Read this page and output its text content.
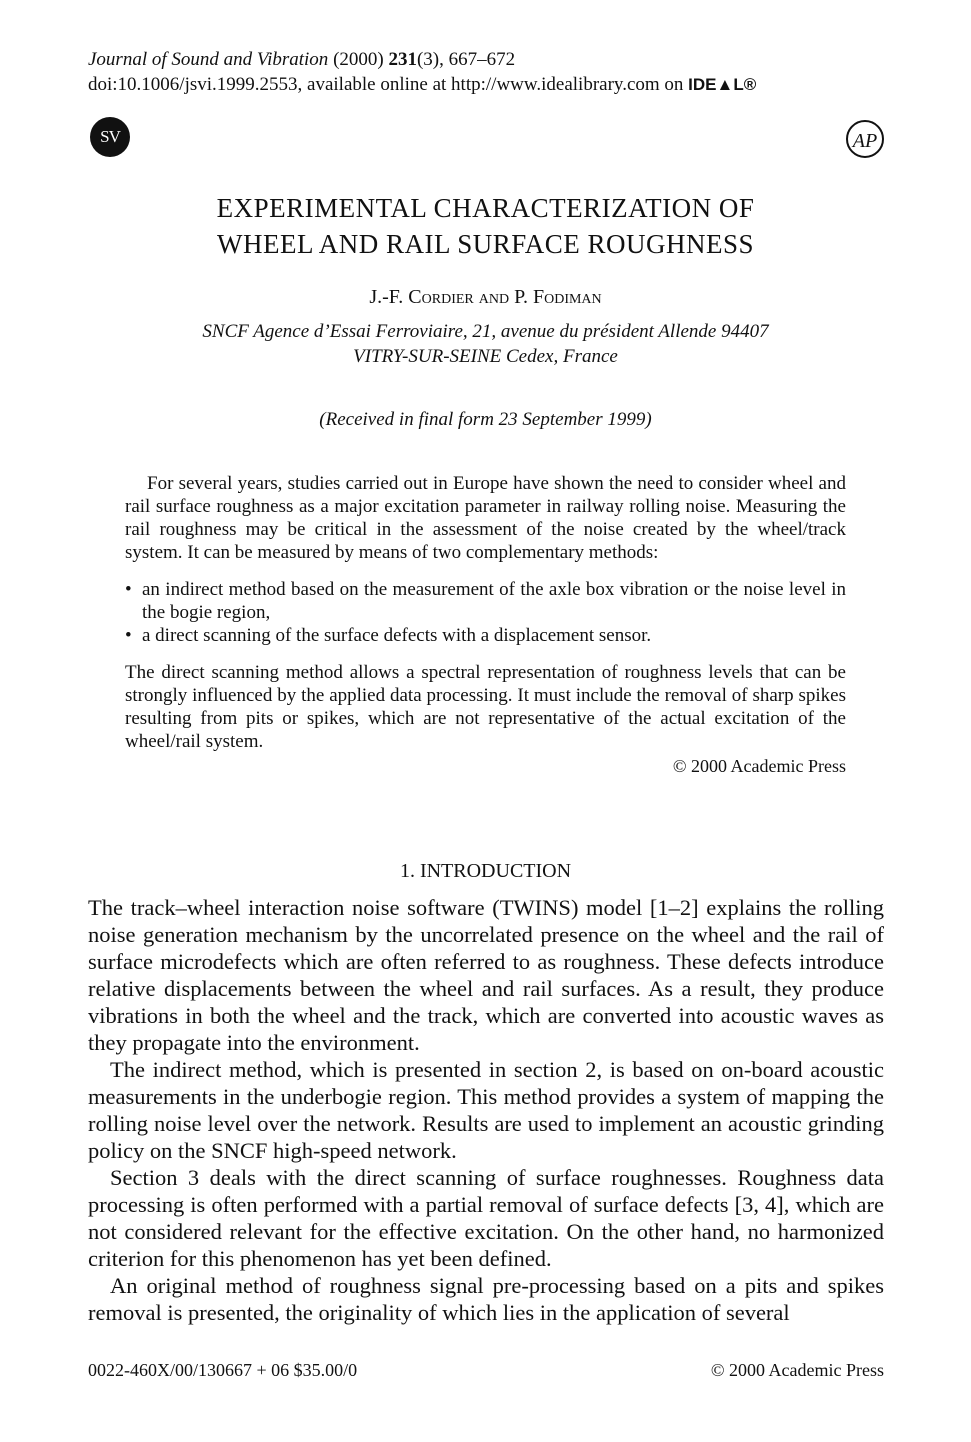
Journal of Sound and Vibration (2000) 231(3), 667–672
doi:10.1006/jsvi.1999.2553, available online at http://www.idealibrary.com on IDE▲L®
SV	AP
EXPERIMENTAL CHARACTERIZATION OF
WHEEL AND RAIL SURFACE ROUGHNESS
J.-F. Cordier and P. Fodiman
SNCF Agence d’Essai Ferroviaire, 21, avenue du président Allende 94407
VITRY-SUR-SEINE Cedex, France
(Received in final form 23 September 1999)

For several years, studies carried out in Europe have shown the need to consider wheel and rail surface roughness as a major excitation parameter in railway rolling noise. Measuring the rail roughness may be critical in the assessment of the noise created by the wheel/track system. It can be measured by means of two complementary methods:

• an indirect method based on the measurement of the axle box vibration or the noise level in the bogie region,
• a direct scanning of the surface defects with a displacement sensor.

The direct scanning method allows a spectral representation of roughness levels that can be strongly influenced by the applied data processing. It must include the removal of sharp spikes resulting from pits or spikes, which are not representative of the actual excitation of the wheel/rail system.

© 2000 Academic Press
1. INTRODUCTION

The track–wheel interaction noise software (TWINS) model [1–2] explains the rolling noise generation mechanism by the uncorrelated presence on the wheel and the rail of surface microdefects which are often referred to as roughness. These defects introduce relative displacements between the wheel and rail surfaces. As a result, they produce vibrations in both the wheel and the track, which are converted into acoustic waves as they propagate into the environment.

The indirect method, which is presented in section 2, is based on on-board acoustic measurements in the underbogie region. This method provides a system of mapping the rolling noise level over the network. Results are used to implement an acoustic grinding policy on the SNCF high-speed network.

Section 3 deals with the direct scanning of surface roughnesses. Roughness data processing is often performed with a partial removal of surface defects [3, 4], which are not considered relevant for the effective excitation. On the other hand, no harmonized criterion for this phenomenon has yet been defined.

An original method of roughness signal pre-processing based on a pits and spikes removal is presented, the originality of which lies in the application of several

0022-460X/00/130667 + 06 $35.00/0	© 2000 Academic Press
